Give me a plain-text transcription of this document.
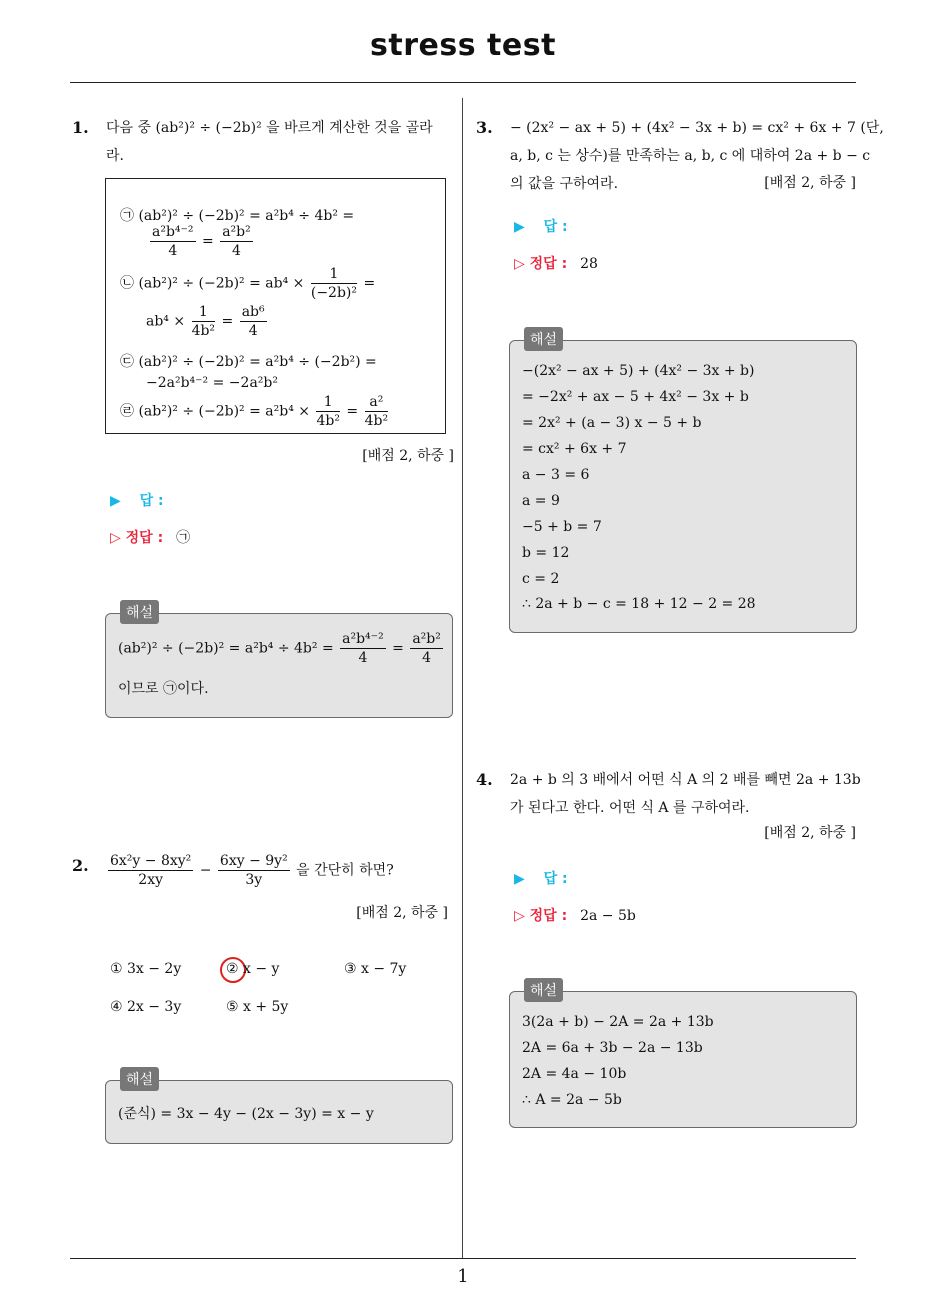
stress test
1
1. 다음 중 (ab²)² ÷ (−2b)² 을 바르게 계산한 것을 골라
라.
㉠ (ab²)² ÷ (−2b)² = a²b⁴ ÷ 4b² =
$\frac{\text{a²b⁴⁻²}}{4} = \frac{\text{a²b²}}{4}$
㉡ $(ab^2)^2 \div (-2b)^2 = ab^4 \times \frac{1}{\text{(−2b)²}}$ =
$ab^4 \times \frac{1}{\text{4b²}} = \frac{\text{ab⁶}}{4}$
㉢ (ab²)² ÷ (−2b)² = a²b⁴ ÷ (−2b²) =
−2a²b⁴⁻² = −2a²b²
㉣ $(ab^2)^2 \div (-2b)^2 = a^2b^4 \times \frac{1}{\text{4b²}} = \frac{\text{a²}}{\text{4b²}}$
[배점 2, 하중 ]
▶ 답 :
▷ 정답 : ㉠
해설
$(ab^2)^2 \div (-2b)^2 = a^2b^4 \div 4b^2 = \frac{\text{a²b⁴⁻²}}{4} = \frac{\text{a²b²}}{4}$
이므로 ㉠이다.
2. $\frac{\text{6x²y − 8xy²}}{2xy} - \frac{\text{6xy − 9y²}}{3y}$ 을 간단히 하면?
[배점 2, 하중 ]
① 3x − 2y	② x − y	③ x − 7y
④ 2x − 3y	⑤ x + 5y
해설
(준식) = 3x − 4y − (2x − 3y) = x − y
3. − (2x² − ax + 5) + (4x² − 3x + b) = cx² + 6x + 7 (단,
a, b, c 는 상수)를 만족하는 a, b, c 에 대하여 2a + b − c
의 값을 구하여라.	[배점 2, 하중 ]
▶ 답 :
▷ 정답 : 28
해설
−(2x² − ax + 5) + (4x² − 3x + b)
= −2x² + ax − 5 + 4x² − 3x + b
= 2x² + (a − 3) x − 5 + b
= cx² + 6x + 7
a − 3 = 6
a = 9
−5 + b = 7
b = 12
c = 2
∴ 2a + b − c = 18 + 12 − 2 = 28
4. 2a + b 의 3 배에서 어떤 식 A 의 2 배를 빼면 2a + 13b
가 된다고 한다. 어떤 식 A 를 구하여라.
[배점 2, 하중 ]
▶ 답 :
▷ 정답 : 2a − 5b
해설
3(2a + b) − 2A = 2a + 13b
2A = 6a + 3b − 2a − 13b
2A = 4a − 10b
∴ A = 2a − 5b
